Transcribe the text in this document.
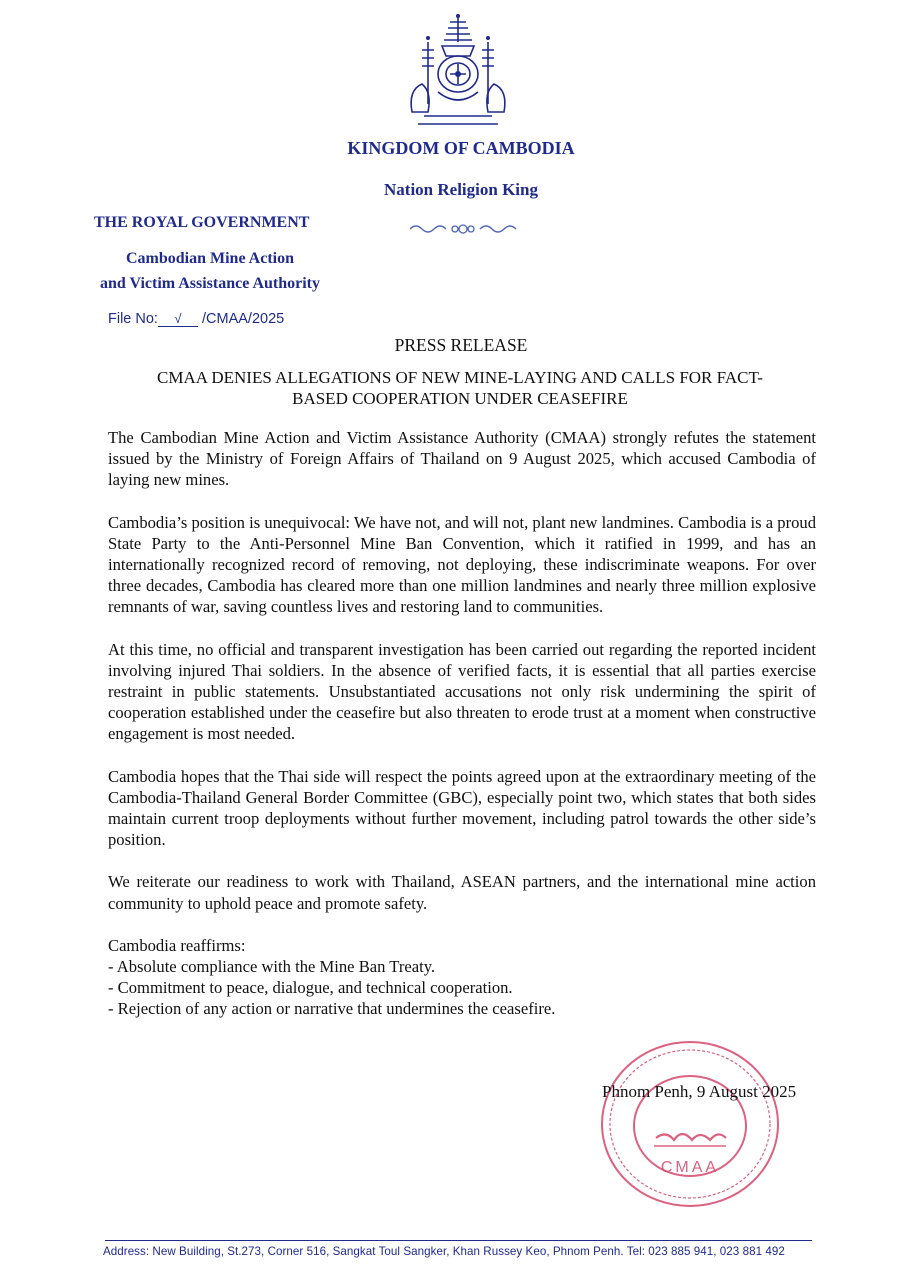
KINGDOM OF CAMBODIA
Nation Religion King
THE ROYAL GOVERNMENT
Cambodian Mine Action
and Victim Assistance Authority
File No: √ /CMAA/2025
PRESS RELEASE
CMAA DENIES ALLEGATIONS OF NEW MINE-LAYING AND CALLS FOR FACT-
BASED COOPERATION UNDER CEASEFIRE

The Cambodian Mine Action and Victim Assistance Authority (CMAA) strongly refutes the statement issued by the Ministry of Foreign Affairs of Thailand on 9 August 2025, which accused Cambodia of laying new mines.

Cambodia’s position is unequivocal: We have not, and will not, plant new landmines. Cambodia is a proud State Party to the Anti-Personnel Mine Ban Convention, which it ratified in 1999, and has an internationally recognized record of removing, not deploying, these indiscriminate weapons. For over three decades, Cambodia has cleared more than one million landmines and nearly three million explosive remnants of war, saving countless lives and restoring land to communities.

At this time, no official and transparent investigation has been carried out regarding the reported incident involving injured Thai soldiers. In the absence of verified facts, it is essential that all parties exercise restraint in public statements. Unsubstantiated accusations not only risk undermining the spirit of cooperation established under the ceasefire but also threaten to erode trust at a moment when constructive engagement is most needed.

Cambodia hopes that the Thai side will respect the points agreed upon at the extraordinary meeting of the Cambodia-Thailand General Border Committee (GBC), especially point two, which states that both sides maintain current troop deployments without further movement, including patrol towards the other side’s position.

We reiterate our readiness to work with Thailand, ASEAN partners, and the international mine action community to uphold peace and promote safety.

Cambodia reaffirms:
- Absolute compliance with the Mine Ban Treaty.
- Commitment to peace, dialogue, and technical cooperation.
- Rejection of any action or narrative that undermines the ceasefire.
CMAA
Phnom Penh, 9 August 2025
Address: New Building, St.273, Corner 516, Sangkat Toul Sangker, Khan Russey Keo, Phnom Penh. Tel: 023 885 941, 023 881 492
